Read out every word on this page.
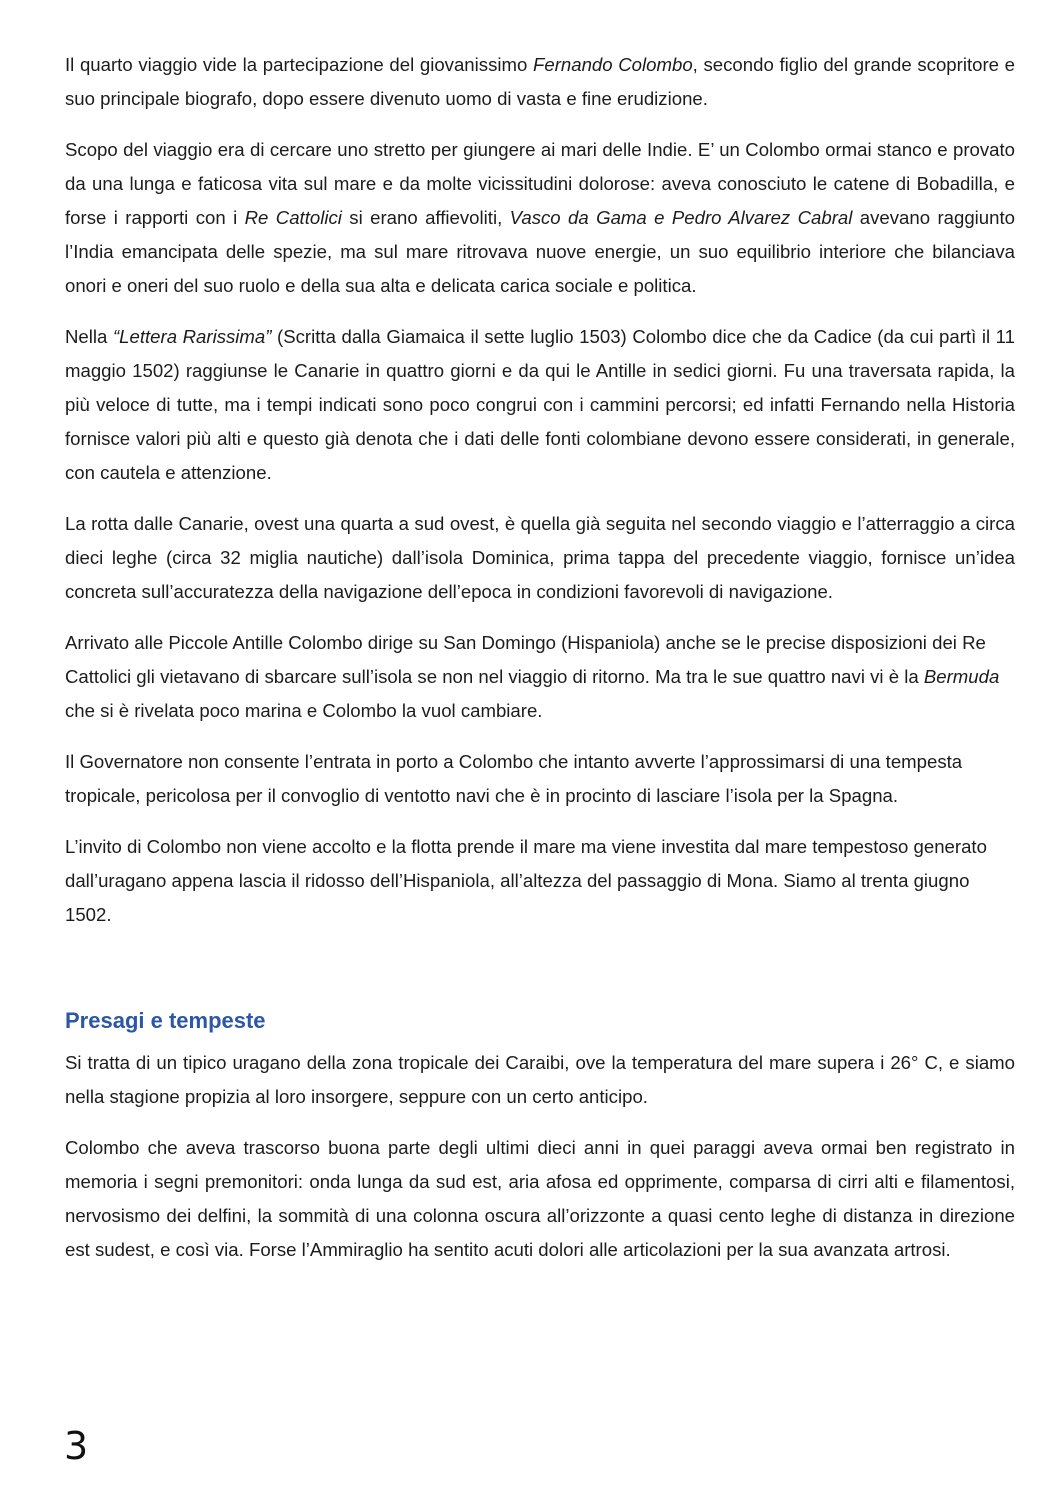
Il quarto viaggio vide la partecipazione del giovanissimo Fernando Colombo, secondo figlio del grande scopritore e suo principale biografo, dopo essere divenuto uomo di vasta e fine erudizione.

Scopo del viaggio era di cercare uno stretto per giungere ai mari delle Indie. E’ un Colombo ormai stanco e provato da una lunga e faticosa vita sul mare e da molte vicissitudini dolorose: aveva conosciuto le catene di Bobadilla, e forse i rapporti con i Re Cattolici si erano affievoliti, Vasco da Gama e Pedro Alvarez Cabral avevano raggiunto l’India emancipata delle spezie, ma sul mare ritrovava nuove energie, un suo equilibrio interiore che bilanciava onori e oneri del suo ruolo e della sua alta e delicata carica sociale e politica.

Nella “Lettera Rarissima” (Scritta dalla Giamaica il sette luglio 1503) Colombo dice che da Cadice (da cui partì il 11 maggio 1502) raggiunse le Canarie in quattro giorni e da qui le Antille in sedici giorni. Fu una traversata rapida, la più veloce di tutte, ma i tempi indicati sono poco congrui con i cammini percorsi; ed infatti Fernando nella Historia fornisce valori più alti e questo già denota che i dati delle fonti colombiane devono essere considerati, in generale, con cautela e attenzione.

La rotta dalle Canarie, ovest una quarta a sud ovest, è quella già seguita nel secondo viaggio e l’atterraggio a circa dieci leghe (circa 32 miglia nautiche) dall’isola Dominica, prima tappa del precedente viaggio, fornisce un’idea concreta sull’accuratezza della navigazione dell’epoca in condizioni favorevoli di navigazione.

Arrivato alle Piccole Antille Colombo dirige su San Domingo (Hispaniola) anche se le precise disposizioni dei Re Cattolici gli vietavano di sbarcare sull’isola se non nel viaggio di ritorno. Ma tra le sue quattro navi vi è la Bermuda che si è rivelata poco marina e Colombo la vuol cambiare.

Il Governatore non consente l’entrata in porto a Colombo che intanto avverte l’approssimarsi di una tempesta tropicale, pericolosa per il convoglio di ventotto navi che è in procinto di lasciare l’isola per la Spagna.

L’invito di Colombo non viene accolto e la flotta prende il mare ma viene investita dal mare tempestoso generato dall’uragano appena lascia il ridosso dell’Hispaniola, all’altezza del passaggio di Mona. Siamo al trenta giugno 1502.

Presagi e tempeste

Si tratta di un tipico uragano della zona tropicale dei Caraibi, ove la temperatura del mare supera i 26° C, e siamo nella stagione propizia al loro insorgere, seppure con un certo anticipo.

Colombo che aveva trascorso buona parte degli ultimi dieci anni in quei paraggi aveva ormai ben registrato in memoria i segni premonitori: onda lunga da sud est, aria afosa ed opprimente, comparsa di cirri alti e filamentosi, nervosismo dei delfini, la sommità di una colonna oscura all’orizzonte a quasi cento leghe di distanza in direzione est sudest, e così via. Forse l’Ammiraglio ha sentito acuti dolori alle articolazioni per la sua avanzata artrosi.

3
